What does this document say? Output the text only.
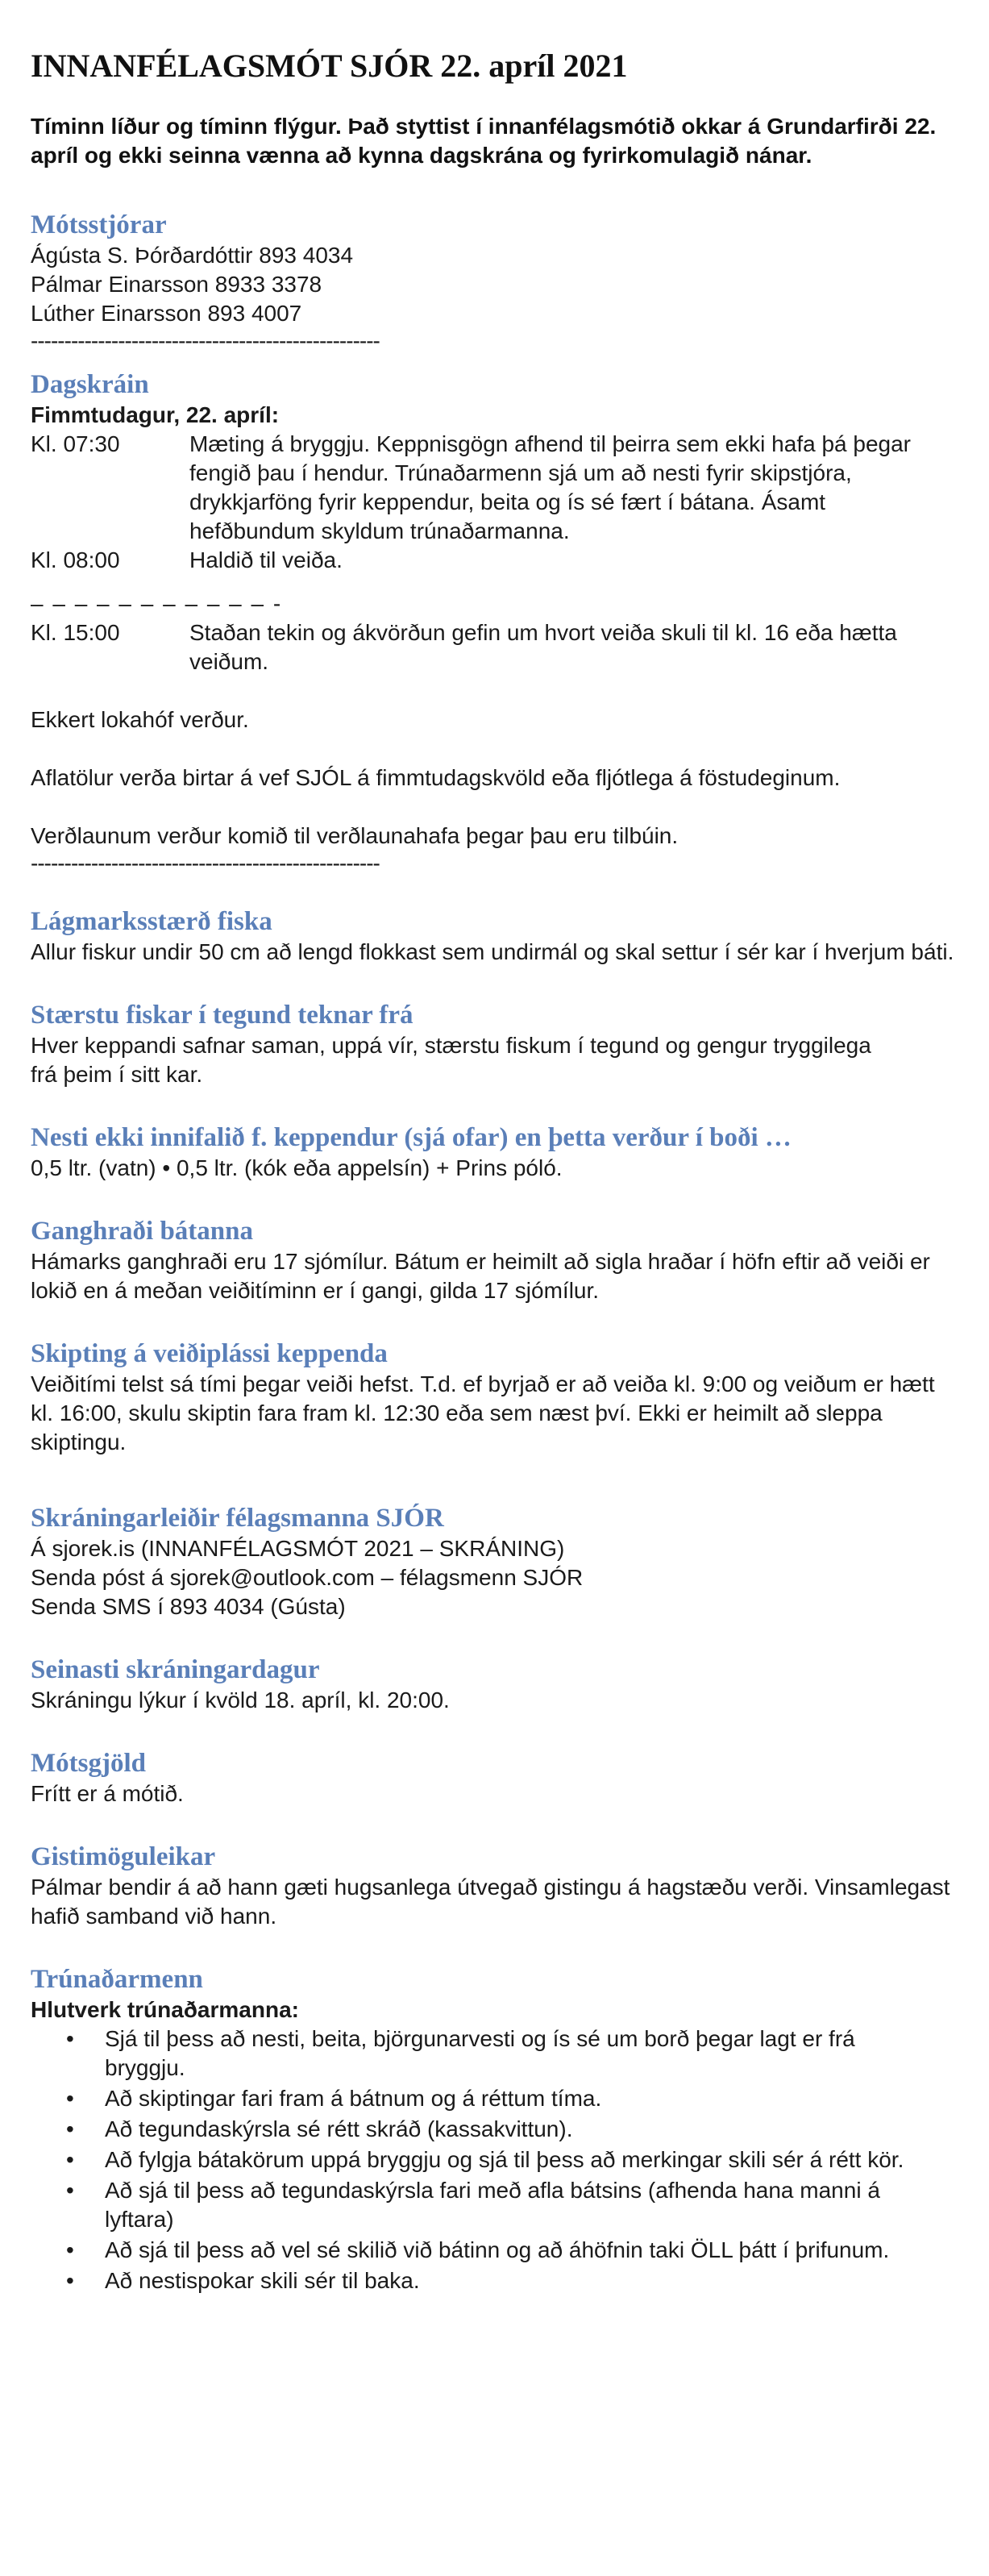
INNANFÉLAGSMÓT SJÓR 22. apríl 2021

Tíminn líður og tíminn flýgur. Það styttist í innanfélagsmótið okkar á Grundarfirði 22. apríl og ekki seinna vænna að kynna dagskrána og fyrirkomulagið nánar.

Mótsstjórar

Ágústa S. Þórðardóttir 893 4034

Pálmar Einarsson 8933 3378

Lúther Einarsson 893 4007

----------------------------------------------------

Dagskráin

Fimmtudagur, 22. apríl:

Kl. 07:30	Mæting á bryggju. Keppnisgögn afhend til þeirra sem ekki hafa þá þegar fengið þau í hendur. Trúnaðarmenn sjá um að nesti fyrir skipstjóra, drykkjarföng fyrir keppendur, beita og ís sé fært í bátana. Ásamt hefðbundum skyldum trúnaðarmanna.
Kl. 08:00	Haldið til veiða.

– – – – – – – – – – – -

Kl. 15:00	Staðan tekin og ákvörðun gefin um hvort veiða skuli til kl. 16 eða hætta veiðum.

Ekkert lokahóf verður.

Aflatölur verða birtar á vef SJÓL á fimmtudagskvöld eða fljótlega á föstudeginum.

Verðlaunum verður komið til verðlaunahafa þegar þau eru tilbúin.

----------------------------------------------------

Lágmarksstærð fiska

Allur fiskur undir 50 cm að lengd flokkast sem undirmál og skal settur í sér kar í hverjum báti.

Stærstu fiskar í tegund teknar frá

Hver keppandi safnar saman, uppá vír, stærstu fiskum í tegund og gengur tryggilega frá þeim í sitt kar.

Nesti ekki innifalið f. keppendur (sjá ofar) en þetta verður í boði …

0,5 ltr. (vatn) • 0,5 ltr. (kók eða appelsín) + Prins póló.

Ganghraði bátanna

Hámarks ganghraði eru 17 sjómílur. Bátum er heimilt að sigla hraðar í höfn eftir að veiði er lokið en á meðan veiðitíminn er í gangi, gilda 17 sjómílur.

Skipting á veiðiplássi keppenda

Veiðitími telst sá tími þegar veiði hefst. T.d. ef byrjað er að veiða kl. 9:00 og veiðum er hætt kl. 16:00, skulu skiptin fara fram kl. 12:30 eða sem næst því. Ekki er heimilt að sleppa skiptingu.

Skráningarleiðir félagsmanna SJÓR

Á sjorek.is (INNANFÉLAGSMÓT 2021 – SKRÁNING)

Senda póst á sjorek@outlook.com – félagsmenn SJÓR

Senda SMS í 893 4034 (Gústa)

Seinasti skráningardagur

Skráningu lýkur í kvöld 18. apríl, kl. 20:00.

Mótsgjöld

Frítt er á mótið.

Gistimöguleikar

Pálmar bendir á að hann gæti hugsanlega útvegað gistingu á hagstæðu verði. Vinsamlegast hafið samband við hann.

Trúnaðarmenn

Hlutverk trúnaðarmanna:

• Sjá til þess að nesti, beita, björgunarvesti og ís sé um borð þegar lagt er frá bryggju.
• Að skiptingar fari fram á bátnum og á réttum tíma.
• Að tegundaskýrsla sé rétt skráð (kassakvittun).
• Að fylgja bátakörum uppá bryggju og sjá til þess að merkingar skili sér á rétt kör.
• Að sjá til þess að tegundaskýrsla fari með afla bátsins (afhenda hana manni á lyftara)
• Að sjá til þess að vel sé skilið við bátinn og að áhöfnin taki ÖLL þátt í þrifunum.
• Að nestispokar skili sér til baka.
